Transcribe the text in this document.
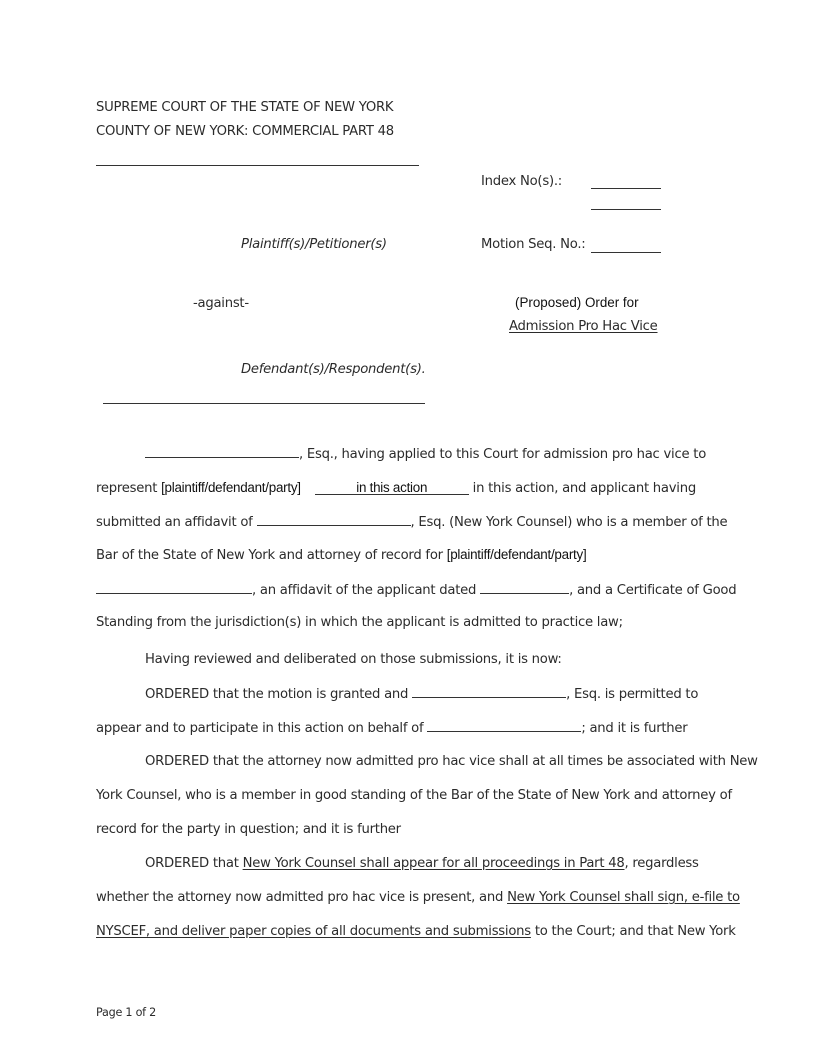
SUPREME COURT OF THE STATE OF NEW YORK
COUNTY OF NEW YORK: COMMERCIAL PART 48
Index No(s).:
Plaintiff(s)/Petitioner(s)	Motion Seq. No.:
-against-	(Proposed) Order for
Admission Pro Hac Vice
Defendant(s)/Respondent(s).
, Esq., having applied to this Court for admission pro hac vice to
represent [plaintiff/defendant/party]	in this action	in this action, and applicant having
submitted an affidavit of	, Esq. (New York Counsel) who is a member of the
Bar of the State of New York and attorney of record for [plaintiff/defendant/party]
, an affidavit of the applicant dated	, and a Certificate of Good
Standing from the jurisdiction(s) in which the applicant is admitted to practice law;
Having reviewed and deliberated on those submissions, it is now:
ORDERED that the motion is granted and	, Esq. is permitted to
appear and to participate in this action on behalf of	; and it is further
ORDERED that the attorney now admitted pro hac vice shall at all times be associated with New
York Counsel, who is a member in good standing of the Bar of the State of New York and attorney of
record for the party in question; and it is further
ORDERED that New York Counsel shall appear for all proceedings in Part 48, regardless
whether the attorney now admitted pro hac vice is present, and New York Counsel shall sign, e-file to
NYSCEF, and deliver paper copies of all documents and submissions to the Court; and that New York
Page 1 of 2
